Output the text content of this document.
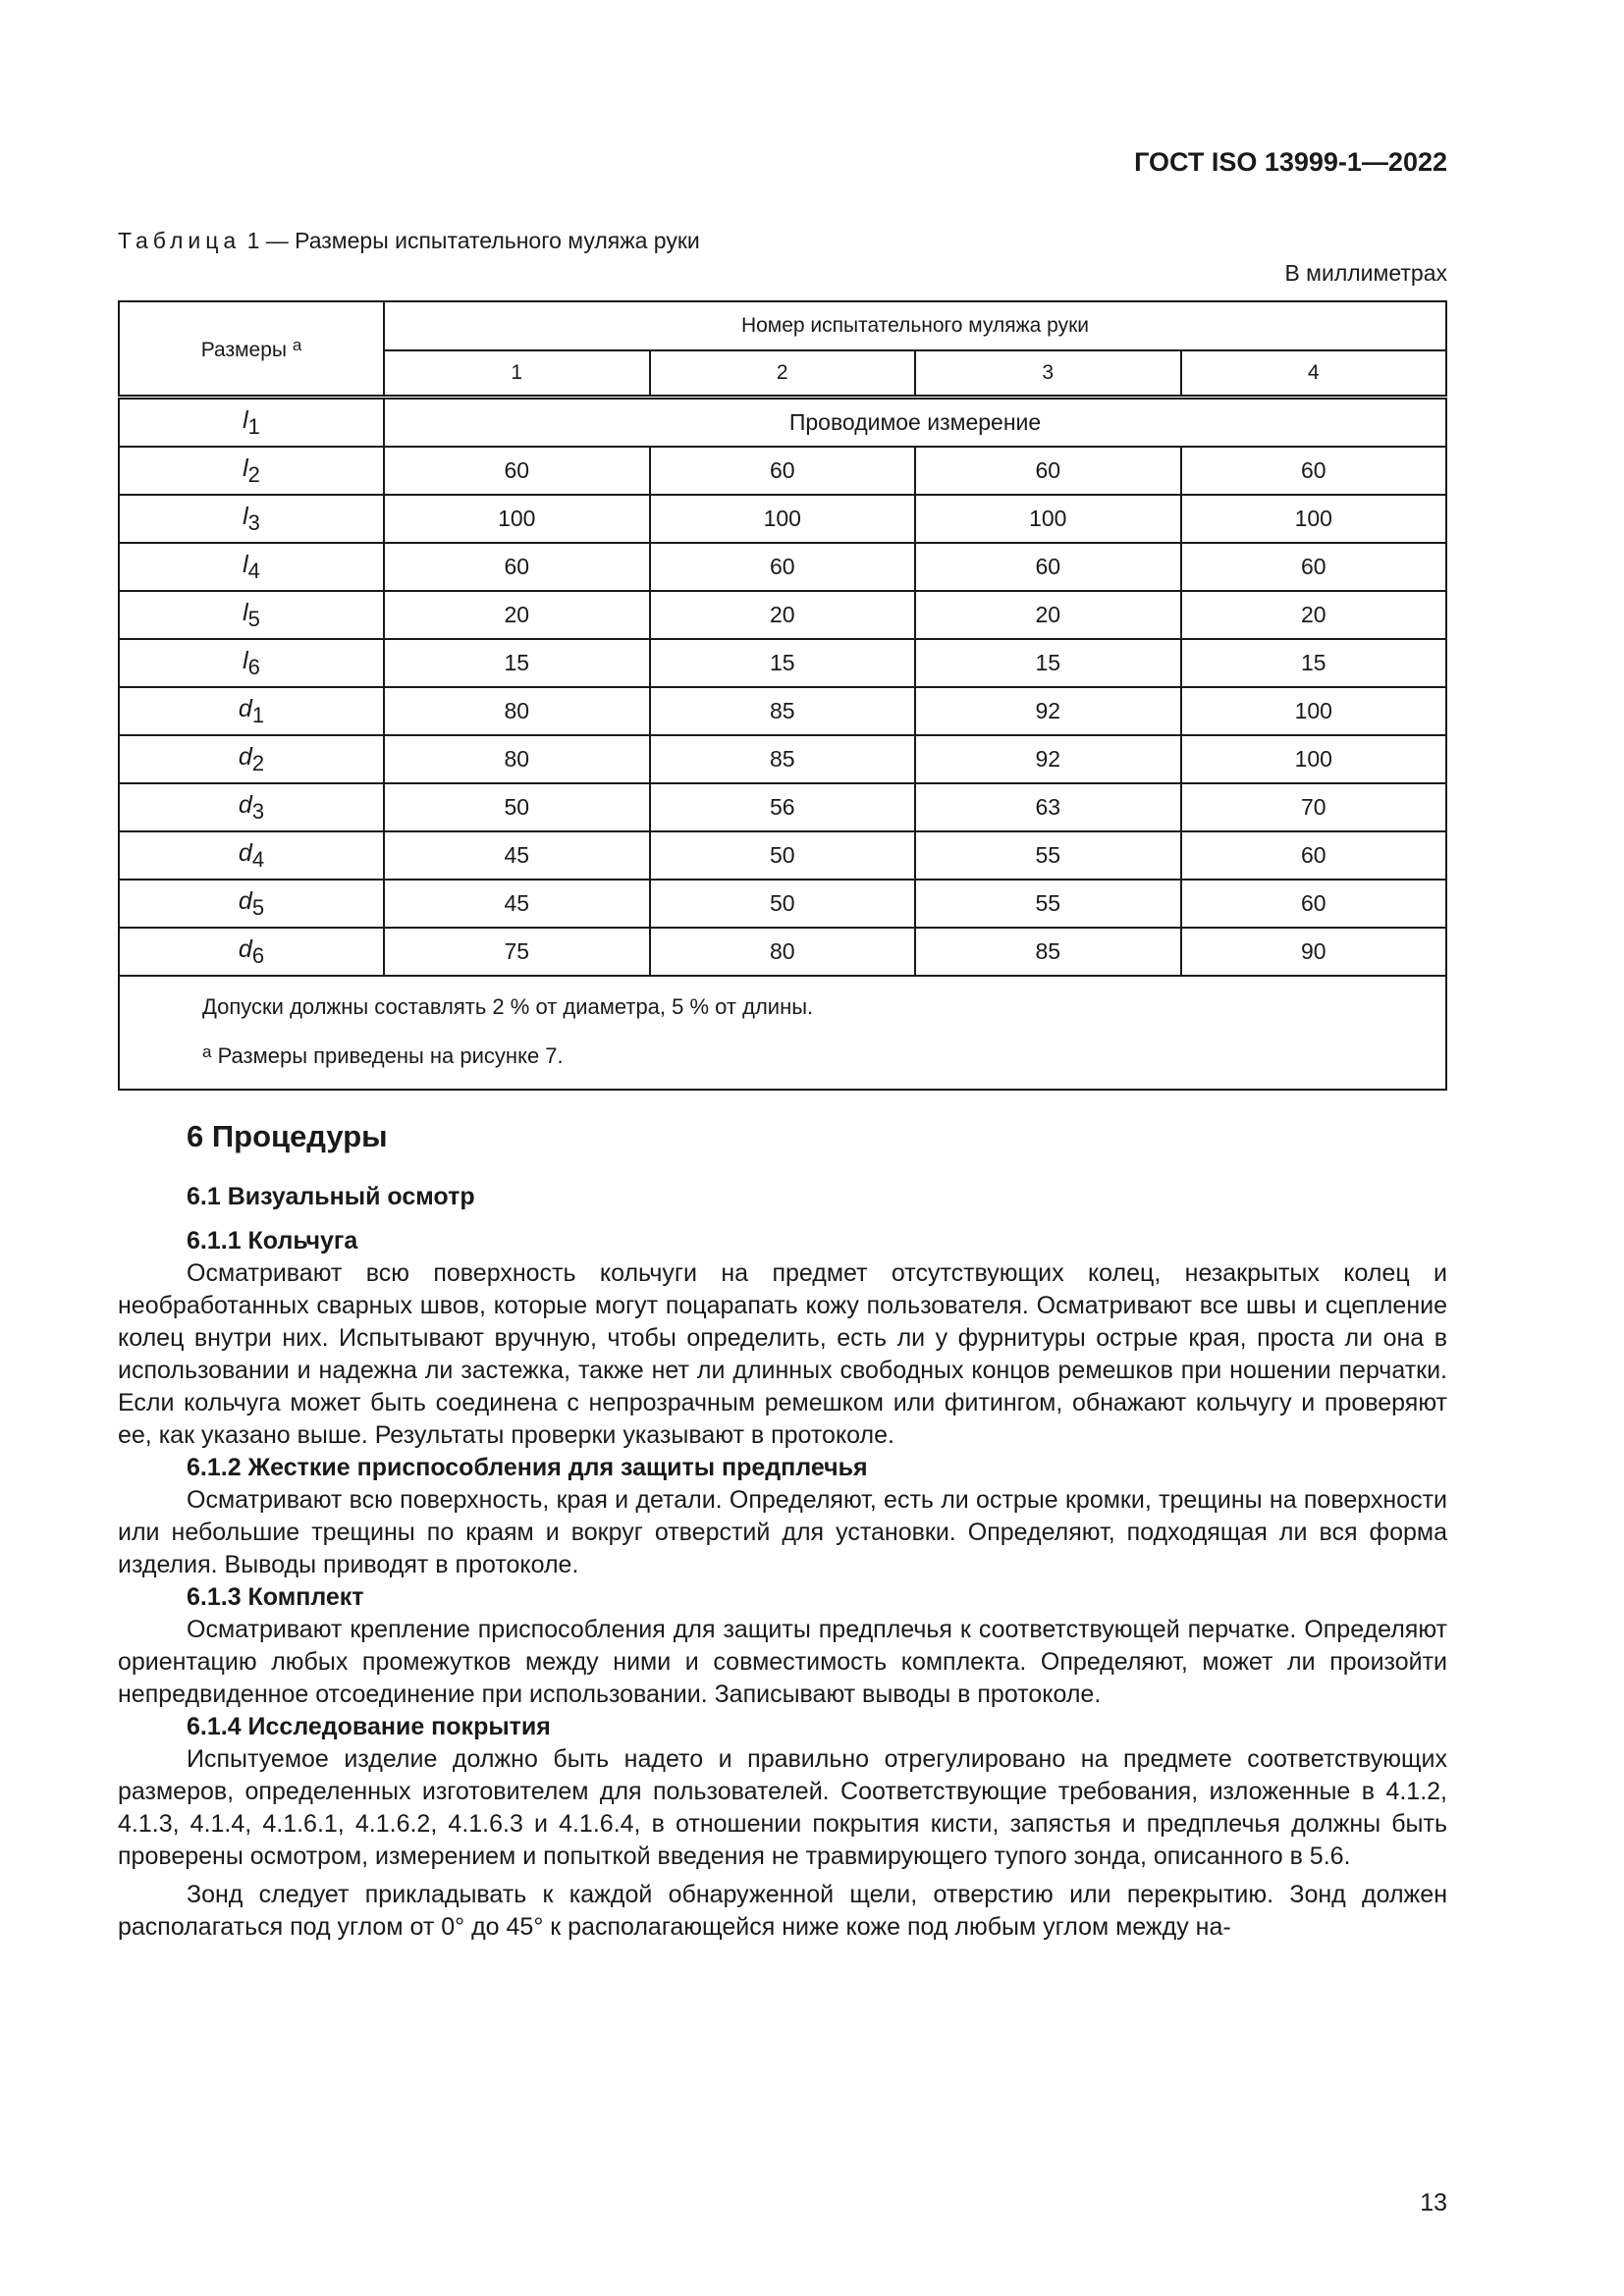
ГОСТ ISO 13999-1—2022
Таблица 1 — Размеры испытательного муляжа руки
В миллиметрах
Размеры $^a$	Номер испытательного муляжа руки			
	1	2	3	4
$l_1$	Проводимое измерение			
$l_2$	60	60	60	60
$l_3$	100	100	100	100
$l_4$	60	60	60	60
$l_5$	20	20	20	20
$l_6$	15	15	15	15
$d_1$	80	85	92	100
$d_2$	80	85	92	100
$d_3$	50	56	63	70
$d_4$	45	50	55	60
$d_5$	45	50	55	60
$d_6$	75	80	85	90

Допуски должны составлять 2 % от диаметра, 5 % от длины.
$^a$ Размеры приведены на рисунке 7.				
6 Процедуры
6.1 Визуальный осмотр
6.1.1 Кольчуга

Осматривают всю поверхность кольчуги на предмет отсутствующих колец, незакрытых колец и необработанных сварных швов, которые могут поцарапать кожу пользователя. Осматривают все швы и сцепление колец внутри них. Испытывают вручную, чтобы определить, есть ли у фурнитуры острые края, проста ли она в использовании и надежна ли застежка, также нет ли длинных свободных концов ремешков при ношении перчатки. Если кольчуга может быть соединена с непрозрачным ремешком или фитингом, обнажают кольчугу и проверяют ее, как указано выше. Результаты проверки указывают в протоколе.

6.1.2 Жесткие приспособления для защиты предплечья

Осматривают всю поверхность, края и детали. Определяют, есть ли острые кромки, трещины на поверхности или небольшие трещины по краям и вокруг отверстий для установки. Определяют, подходящая ли вся форма изделия. Выводы приводят в протоколе.

6.1.3 Комплект

Осматривают крепление приспособления для защиты предплечья к соответствующей перчатке. Определяют ориентацию любых промежутков между ними и совместимость комплекта. Определяют, может ли произойти непредвиденное отсоединение при использовании. Записывают выводы в протоколе.

6.1.4 Исследование покрытия

Испытуемое изделие должно быть надето и правильно отрегулировано на предмете соответствующих размеров, определенных изготовителем для пользователей. Соответствующие требования, изложенные в 4.1.2, 4.1.3, 4.1.4, 4.1.6.1, 4.1.6.2, 4.1.6.3 и 4.1.6.4, в отношении покрытия кисти, запястья и предплечья должны быть проверены осмотром, измерением и попыткой введения не травмирующего тупого зонда, описанного в 5.6.

Зонд следует прикладывать к каждой обнаруженной щели, отверстию или перекрытию. Зонд должен располагаться под углом от 0° до 45° к располагающейся ниже коже под любым углом между на-

13
